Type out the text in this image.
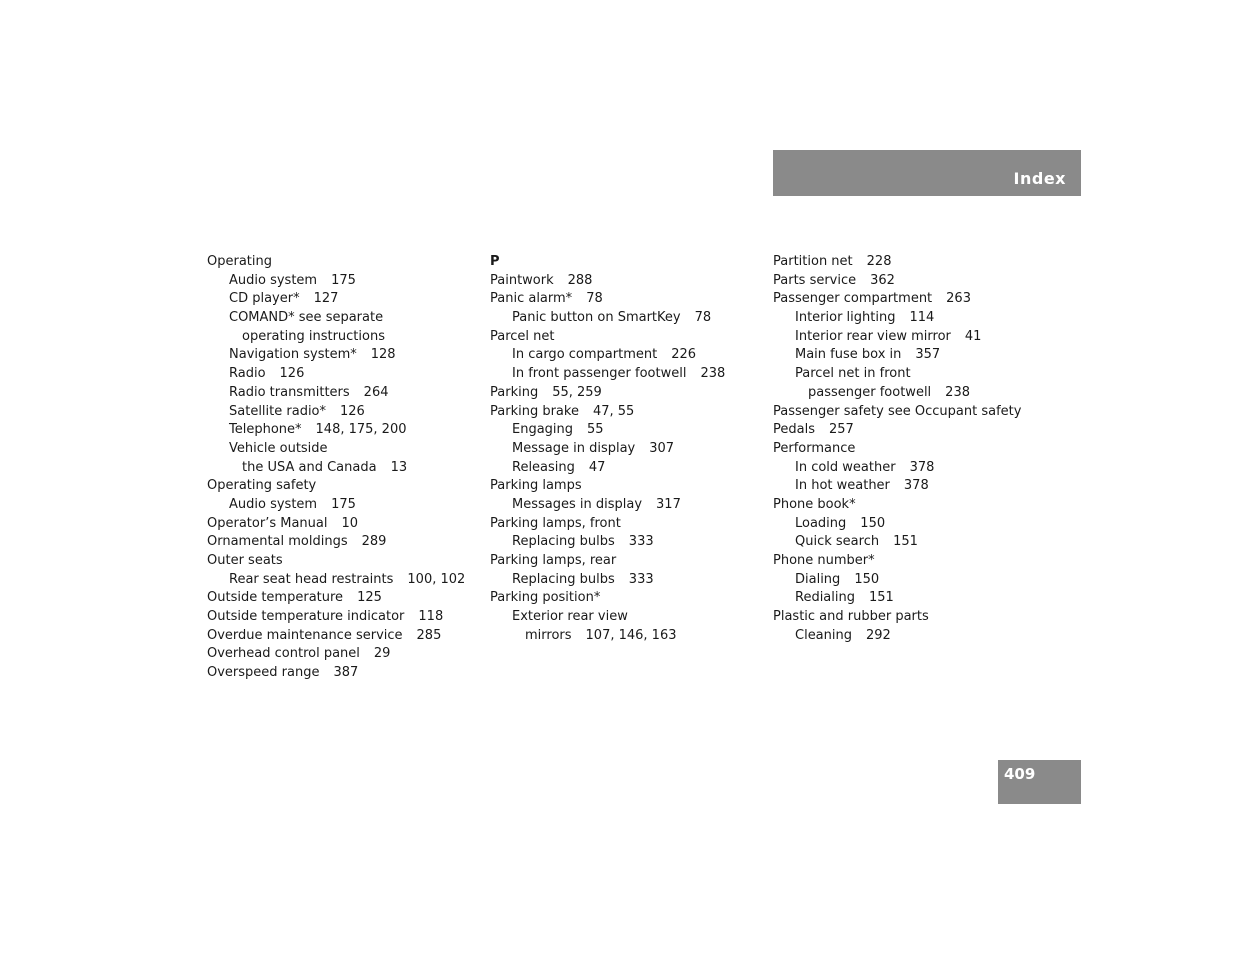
Index
Operating
Audio system 175
CD player* 127
COMAND* see separate
operating instructions
Navigation system* 128
Radio 126
Radio transmitters 264
Satellite radio* 126
Telephone* 148, 175, 200
Vehicle outside
the USA and Canada 13
Operating safety
Audio system 175
Operator’s Manual 10
Ornamental moldings 289
Outer seats
Rear seat head restraints 100, 102
Outside temperature 125
Outside temperature indicator 118
Overdue maintenance service 285
Overhead control panel 29
Overspeed range 387
P
Paintwork 288
Panic alarm* 78
Panic button on SmartKey 78
Parcel net
In cargo compartment 226
In front passenger footwell 238
Parking 55, 259
Parking brake 47, 55
Engaging 55
Message in display 307
Releasing 47
Parking lamps
Messages in display 317
Parking lamps, front
Replacing bulbs 333
Parking lamps, rear
Replacing bulbs 333
Parking position*
Exterior rear view
mirrors 107, 146, 163
Partition net 228
Parts service 362
Passenger compartment 263
Interior lighting 114
Interior rear view mirror 41
Main fuse box in 357
Parcel net in front
passenger footwell 238
Passenger safety see Occupant safety
Pedals 257
Performance
In cold weather 378
In hot weather 378
Phone book*
Loading 150
Quick search 151
Phone number*
Dialing 150
Redialing 151
Plastic and rubber parts
Cleaning 292
409
